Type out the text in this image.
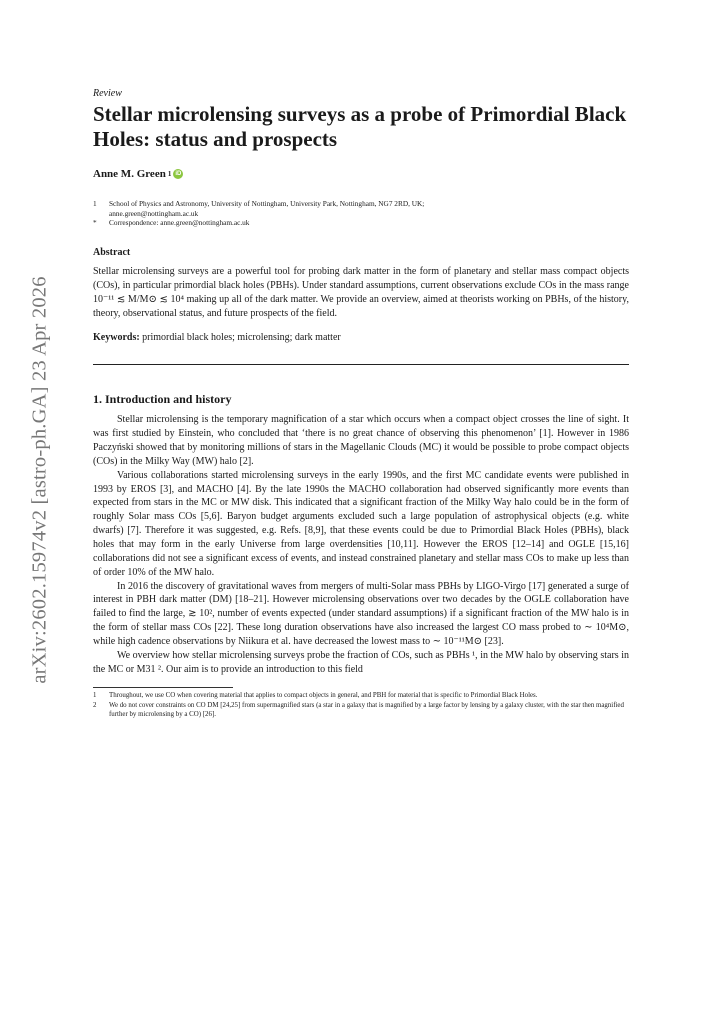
arXiv:2602.15974v2 [astro-ph.GA] 23 Apr 2026
Review
Stellar microlensing surveys as a probe of Primordial Black Holes: status and prospects
Anne M. Green 1 iD
1	School of Physics and Astronomy, University of Nottingham, University Park, Nottingham, NG7 2RD, UK;
anne.green@nottingham.ac.uk
*	Correspondence: anne.green@nottingham.ac.uk
Abstract
Stellar microlensing surveys are a powerful tool for probing dark matter in the form of planetary and stellar mass compact objects (COs), in particular primordial black holes (PBHs). Under standard assumptions, current observations exclude COs in the mass range 10⁻¹¹ ≲ M/M⊙ ≲ 10⁴ making up all of the dark matter. We provide an overview, aimed at theorists working on PBHs, of the history, theory, observational status, and future prospects of the field.
Keywords: primordial black holes; microlensing; dark matter
1. Introduction and history

Stellar microlensing is the temporary magnification of a star which occurs when a compact object crosses the line of sight. It was first studied by Einstein, who concluded that ‘there is no great chance of observing this phenomenon’ [1]. However in 1986 Paczyński showed that by monitoring millions of stars in the Magellanic Clouds (MC) it would be possible to probe compact objects (COs) in the Milky Way (MW) halo [2].

Various collaborations started microlensing surveys in the early 1990s, and the first MC candidate events were published in 1993 by EROS [3], and MACHO [4]. By the late 1990s the MACHO collaboration had observed significantly more events than expected from stars in the MC or MW disk. This indicated that a significant fraction of the Milky Way halo could be in the form of roughly Solar mass COs [5,6]. Baryon budget arguments excluded such a large population of astrophysical objects (e.g. white dwarfs) [7]. Therefore it was suggested, e.g. Refs. [8,9], that these events could be due to Primordial Black Holes (PBHs), black holes that may form in the early Universe from large overdensities [10,11]. However the EROS [12–14] and OGLE [15,16] collaborations did not see a significant excess of events, and instead constrained planetary and stellar mass COs to make up less than of order 10% of the MW halo.

In 2016 the discovery of gravitational waves from mergers of multi-Solar mass PBHs by LIGO-Virgo [17] generated a surge of interest in PBH dark matter (DM) [18–21]. However microlensing observations over two decades by the OGLE collaboration have failed to find the large, ≳ 10², number of events expected (under standard assumptions) if a significant fraction of the MW halo is in the form of stellar mass COs [22]. These long duration observations have also increased the largest CO mass probed to ∼ 10⁴M⊙, while high cadence observations by Niikura et al. have decreased the lowest mass to ∼ 10⁻¹¹M⊙ [23].

We overview how stellar microlensing surveys probe the fraction of COs, such as PBHs ¹, in the MW halo by observing stars in the MC or M31 ². Our aim is to provide an introduction to this field

1	Throughout, we use CO when covering material that applies to compact objects in general, and PBH for material that is specific to Primordial Black Holes.
2	We do not cover constraints on CO DM [24,25] from supermagnified stars (a star in a galaxy that is magnified by a large factor by lensing by a galaxy cluster, with the star then magnified further by microlensing by a CO) [26].
